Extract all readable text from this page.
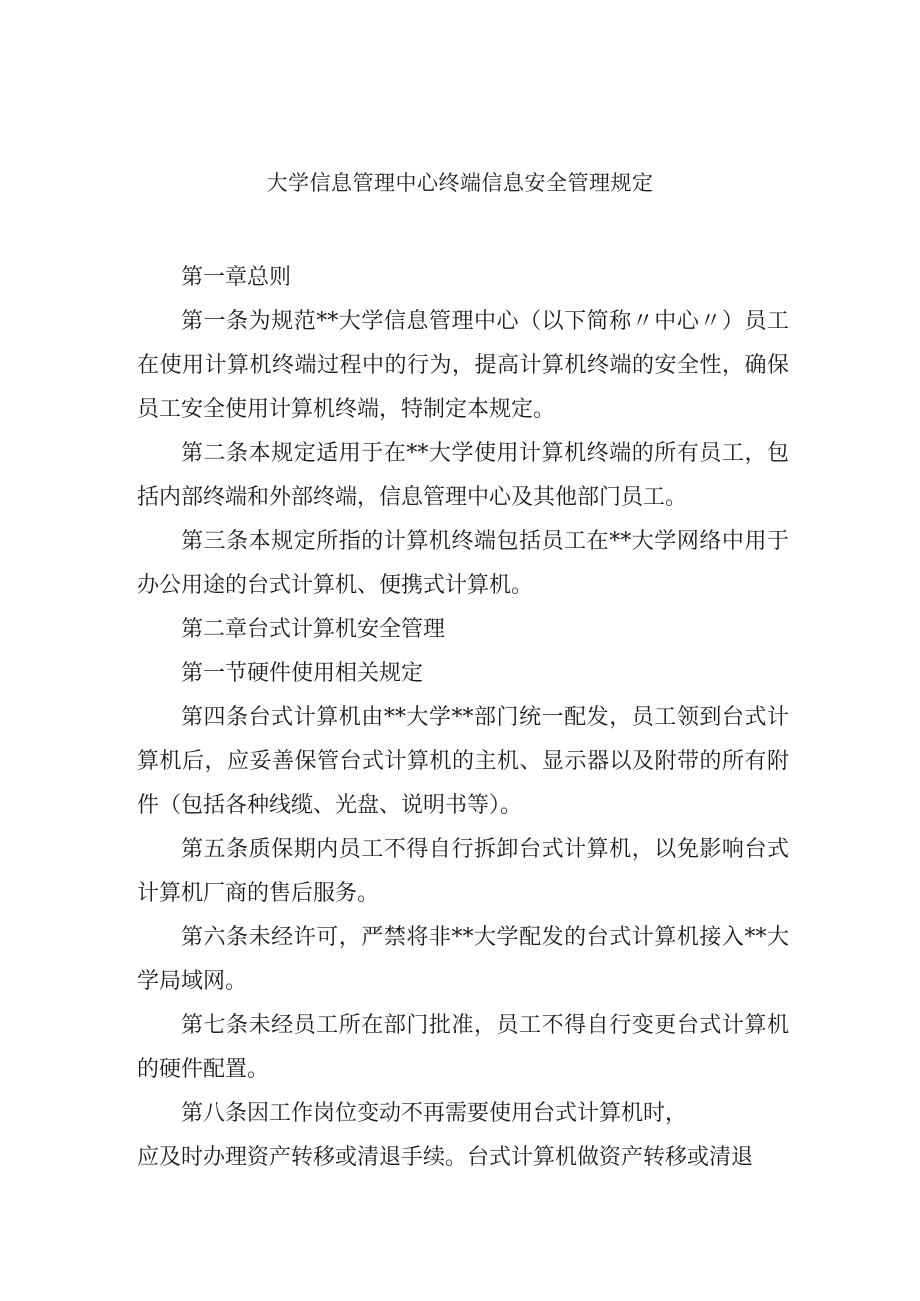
大学信息管理中心终端信息安全管理规定

第一章总则

第一条为规范**大学信息管理中心（以下简称〃中心〃）员工在使用计算机终端过程中的行为，提高计算机终端的安全性，确保员工安全使用计算机终端，特制定本规定。

第二条本规定适用于在**大学使用计算机终端的所有员工，包括内部终端和外部终端，信息管理中心及其他部门员工。

第三条本规定所指的计算机终端包括员工在**大学网络中用于办公用途的台式计算机、便携式计算机。

第二章台式计算机安全管理

第一节硬件使用相关规定

第四条台式计算机由**大学**部门统一配发，员工领到台式计算机后，应妥善保管台式计算机的主机、显示器以及附带的所有附件（包括各种线缆、光盘、说明书等）。

第五条质保期内员工不得自行拆卸台式计算机，以免影响台式计算机厂商的售后服务。

第六条未经许可，严禁将非**大学配发的台式计算机接入**大学局域网。

第七条未经员工所在部门批准，员工不得自行变更台式计算机的硬件配置。

第八条因工作岗位变动不再需要使用台式计算机时，

应及时办理资产转移或清退手续。台式计算机做资产转移或清退
